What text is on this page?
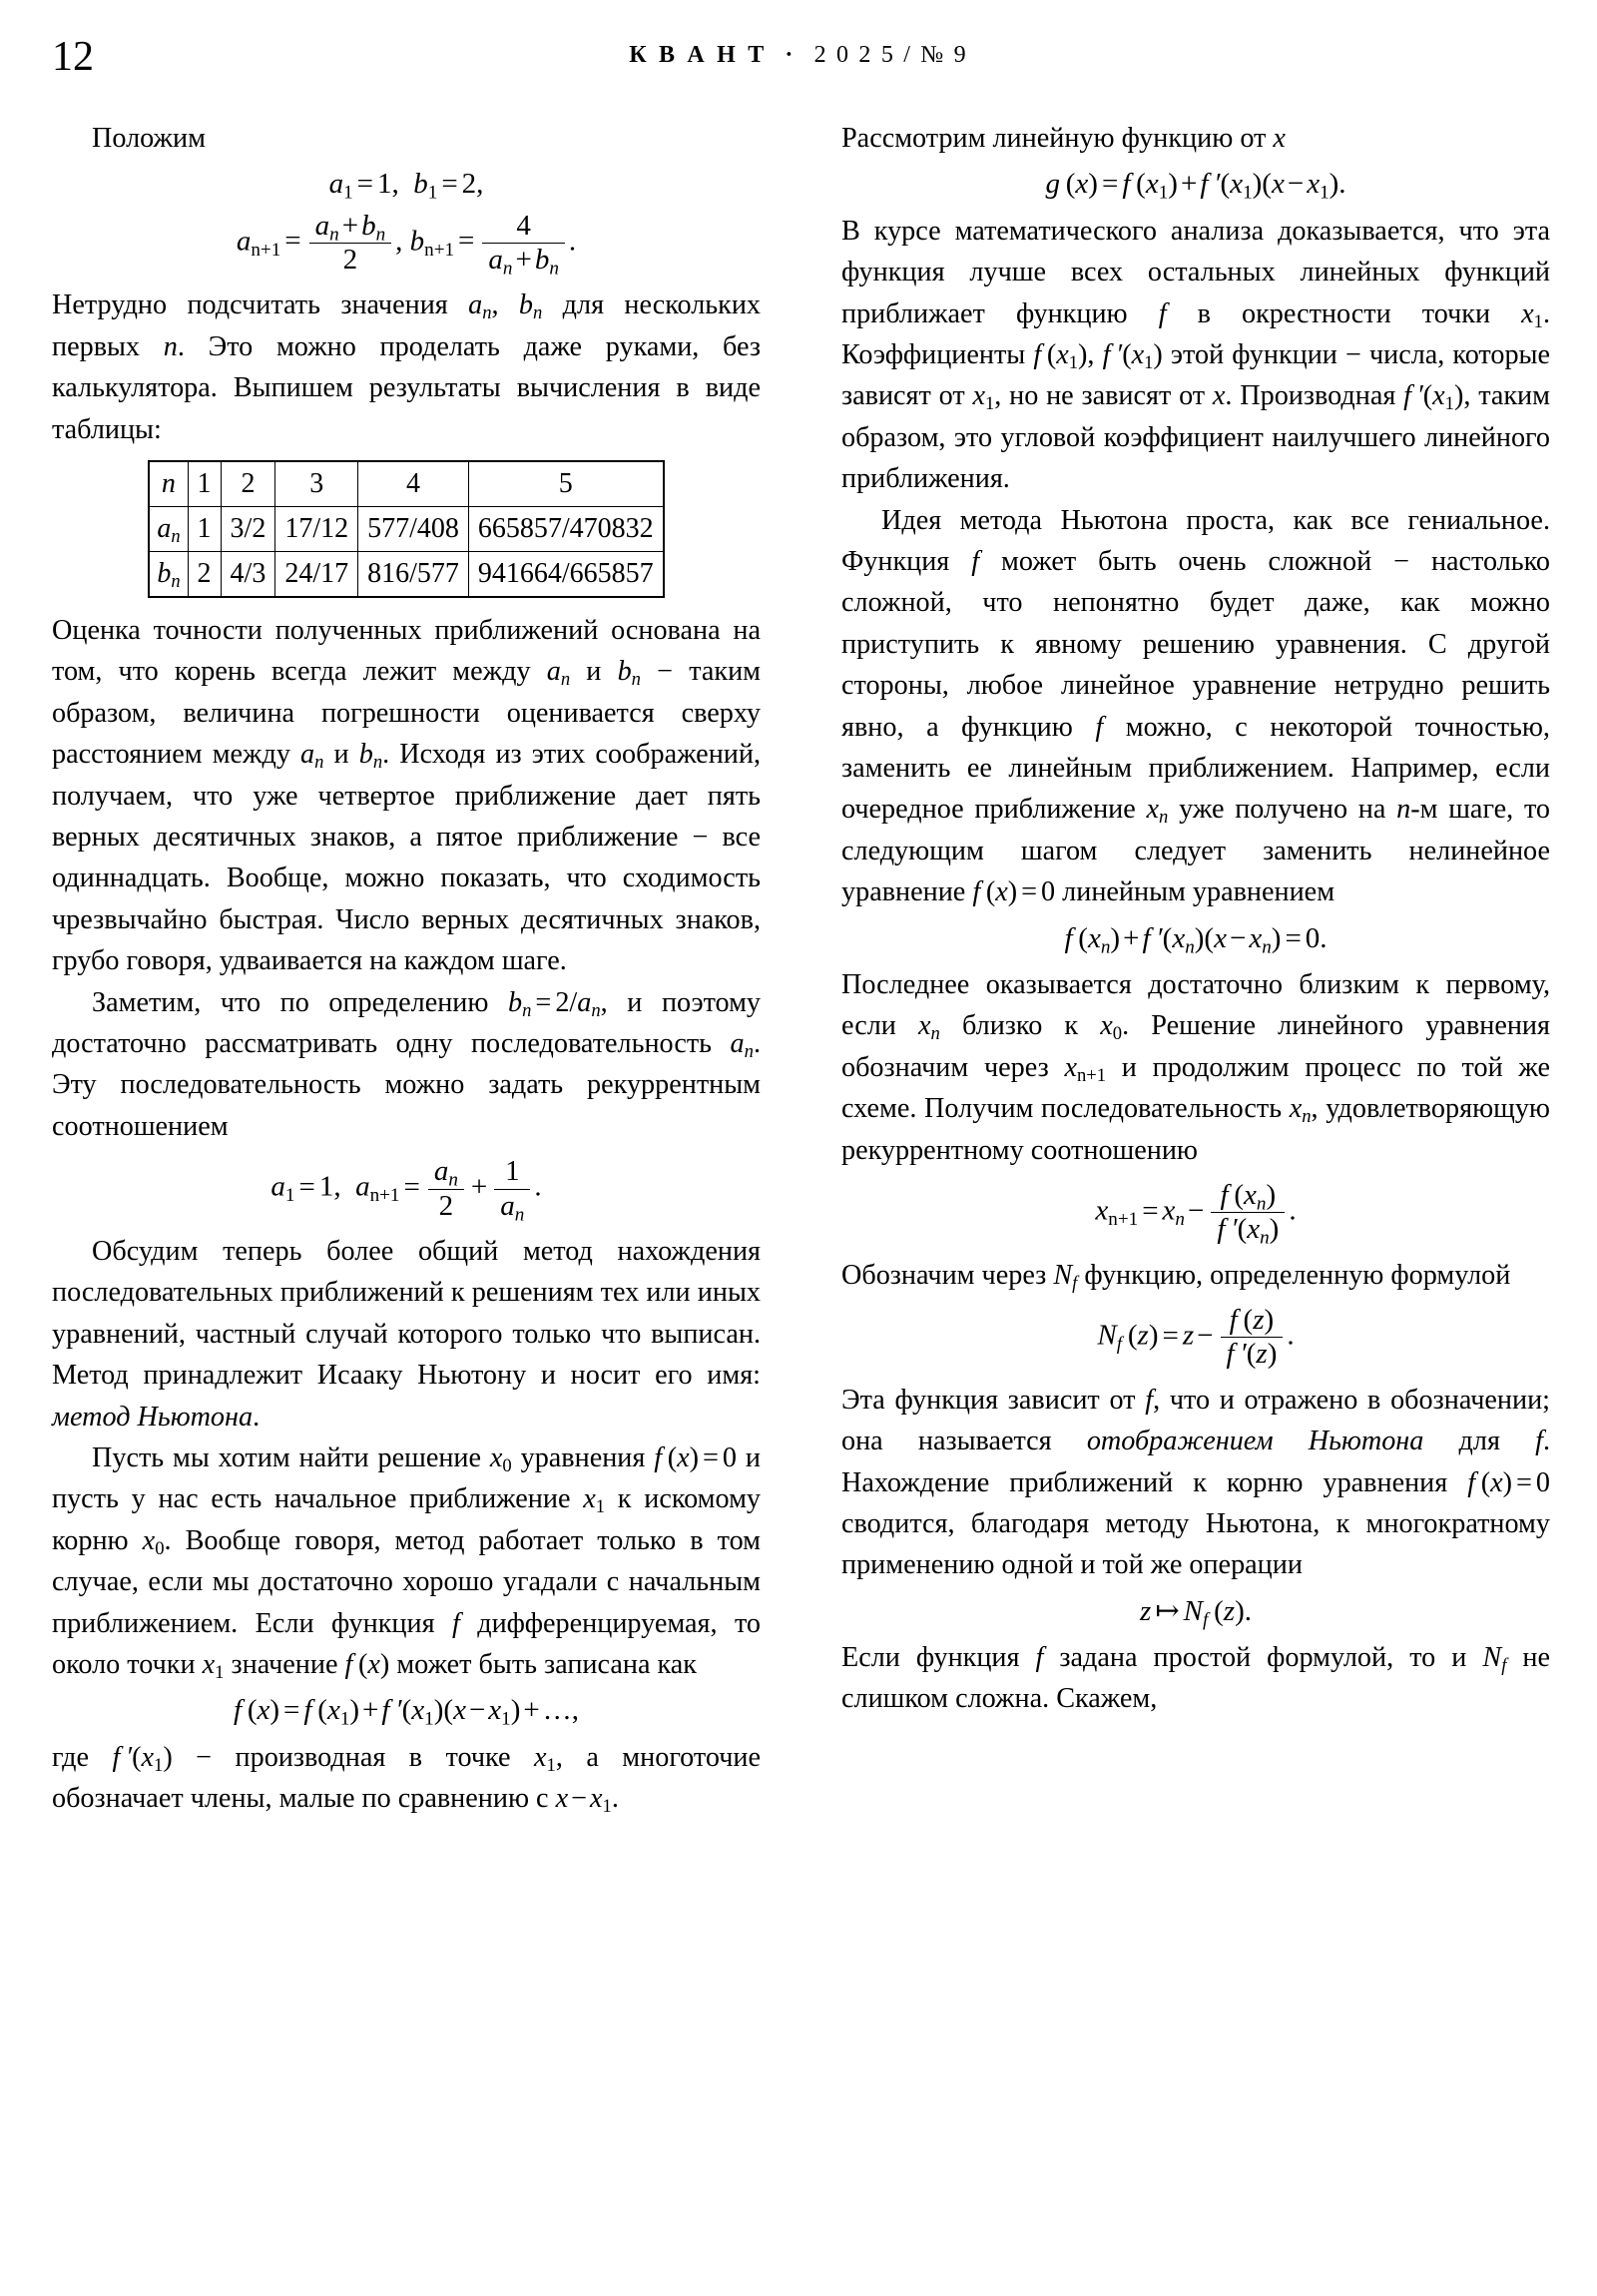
12	К В А Н Т · 2 0 2 5 / № 9

Положим

$a_1 = 1$,  $b_1 = 2$,
$a_{n+1} = \frac{a_n + b_n}{2}$ , $b_{n+1} = \frac{4}{a_n + b_n}$ .

Нетрудно подсчитать значения $a_n$, $b_n$ для нескольких первых n. Это можно проделать даже руками, без калькулятора. Выпишем результаты вычисления в виде таблицы:

n	1	2	3	4	5
$a_n$	1	3/2	17/12	577/408	665857/470832
$b_n$	2	4/3	24/17	816/577	941664/665857

Оценка точности полученных приближений основана на том, что корень всегда лежит между $a_n$ и $b_n$ − таким образом, величина погрешности оценивается сверху расстоянием между $a_n$ и $b_n$. Исходя из этих соображений, получаем, что уже четвертое приближение дает пять верных десятичных знаков, а пятое приближение − все одиннадцать. Вообще, можно показать, что сходимость чрезвычайно быстрая. Число верных десятичных знаков, грубо говоря, удваивается на каждом шаге.

Заметим, что по определению $b_n = 2/a_n$, и поэтому достаточно рассматривать одну последовательность $a_n$. Эту последовательность можно задать рекуррентным соотношением

$a_1 = 1$,  $a_{n+1} = \frac{a_n}{2} + \frac{1}{a_n}$ .

Обсудим теперь более общий метод нахождения последовательных приближений к решениям тех или иных уравнений, частный случай которого только что выписан. Метод принадлежит Исааку Ньютону и носит его имя: метод Ньютона.

Пусть мы хотим найти решение $x_0$ уравнения f (x) = 0 и пусть у нас есть начальное приближение $x_1$ к искомому корню $x_0$. Вообще говоря, метод работает только в том случае, если мы достаточно хорошо угадали с начальным приближением. Если функция f дифференцируемая, то около точки $x_1$ значение f (x) может быть записана как

f (x) = f $(x_1) + f$ $'(x_1)(x - x_1)$ + …,

где f $'(x_1)$ − производная в точке $x_1$, а многоточие обозначает члены, малые по сравнению с $x - x_1$.

Рассмотрим линейную функцию от x

g (x) = f $(x_1) + f$ $'(x_1)(x - x_1)$.

В курсе математического анализа доказывается, что эта функция лучше всех остальных линейных функций приближает функцию f в окрестности точки $x_1$. Коэффициенты f $(x_1)$, f $'(x_1)$ этой функции − числа, которые зависят от $x_1$, но не зависят от x. Производная f $'(x_1)$, таким образом, это угловой коэффициент наилучшего линейного приближения.

Идея метода Ньютона проста, как все гениальное. Функция f может быть очень сложной − настолько сложной, что непонятно будет даже, как можно приступить к явному решению уравнения. С другой стороны, любое линейное уравнение нетрудно решить явно, а функцию f можно, с некоторой точностью, заменить ее линейным приближением. Например, если очередное приближение $x_n$ уже получено на n-м шаге, то следующим шагом следует заменить нелинейное уравнение f (x) = 0 линейным уравнением

f $(x_n) + f$ $'(x_n)(x - x_n) = 0$.

Последнее оказывается достаточно близким к первому, если $x_n$ близко к $x_0$. Решение линейного уравнения обозначим через $x_{n+1}$ и продолжим процесс по той же схеме. Получим последовательность $x_n$, удовлетворяющую рекуррентному соотношению

$x_{n+1} = x_n - \frac{f (x_n)}{f '(x_n)}$ .

Обозначим через $N_f$ функцию, определенную формулой

$N_f$ $(z) = z - \frac{f (z)}{f '(z)}$ .

Эта функция зависит от f, что и отражено в обозначении; она называется отображением Ньютона для f. Нахождение приближений к корню уравнения f (x) = 0 сводится, благодаря методу Ньютона, к многократному применению одной и той же операции

z ↦ $N_f$ (z).

Если функция f задана простой формулой, то и $N_f$ не слишком сложна. Скажем,
